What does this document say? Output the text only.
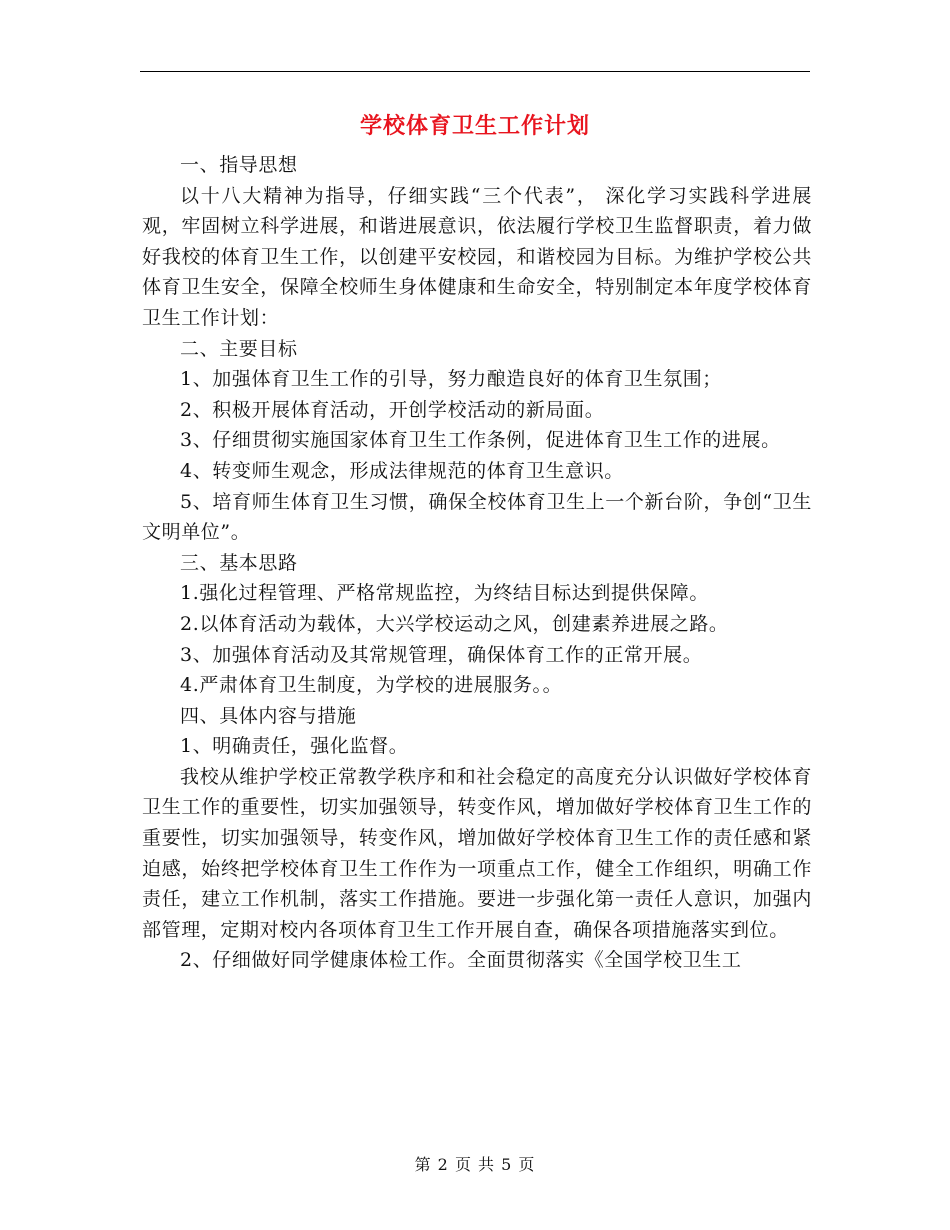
学校体育卫生工作计划

一、指导思想

以十八大精神为指导，仔细实践“三个代表”， 深化学习实践科学进展观，牢固树立科学进展，和谐进展意识，依法履行学校卫生监督职责，着力做好我校的体育卫生工作，以创建平安校园，和谐校园为目标。为维护学校公共体育卫生安全，保障全校师生身体健康和生命安全，特别制定本年度学校体育卫生工作计划：

二、主要目标

1、加强体育卫生工作的引导，努力酿造良好的体育卫生氛围；

2、积极开展体育活动，开创学校活动的新局面。

3、仔细贯彻实施国家体育卫生工作条例，促进体育卫生工作的进展。

4、转变师生观念，形成法律规范的体育卫生意识。

5、培育师生体育卫生习惯，确保全校体育卫生上一个新台阶，争创“卫生文明单位”。

三、基本思路

1.强化过程管理、严格常规监控，为终结目标达到提供保障。

2.以体育活动为载体，大兴学校运动之风，创建素养进展之路。

3、加强体育活动及其常规管理，确保体育工作的正常开展。

4.严肃体育卫生制度，为学校的进展服务。。

四、具体内容与措施

1、明确责任，强化监督。

我校从维护学校正常教学秩序和和社会稳定的高度充分认识做好学校体育卫生工作的重要性，切实加强领导，转变作风，增加做好学校体育卫生工作的重要性，切实加强领导，转变作风，增加做好学校体育卫生工作的责任感和紧迫感，始终把学校体育卫生工作作为一项重点工作，健全工作组织，明确工作责任，建立工作机制，落实工作措施。要进一步强化第一责任人意识，加强内部管理，定期对校内各项体育卫生工作开展自查，确保各项措施落实到位。

2、仔细做好同学健康体检工作。全面贯彻落实《全国学校卫生工

第 2 页 共 5 页
